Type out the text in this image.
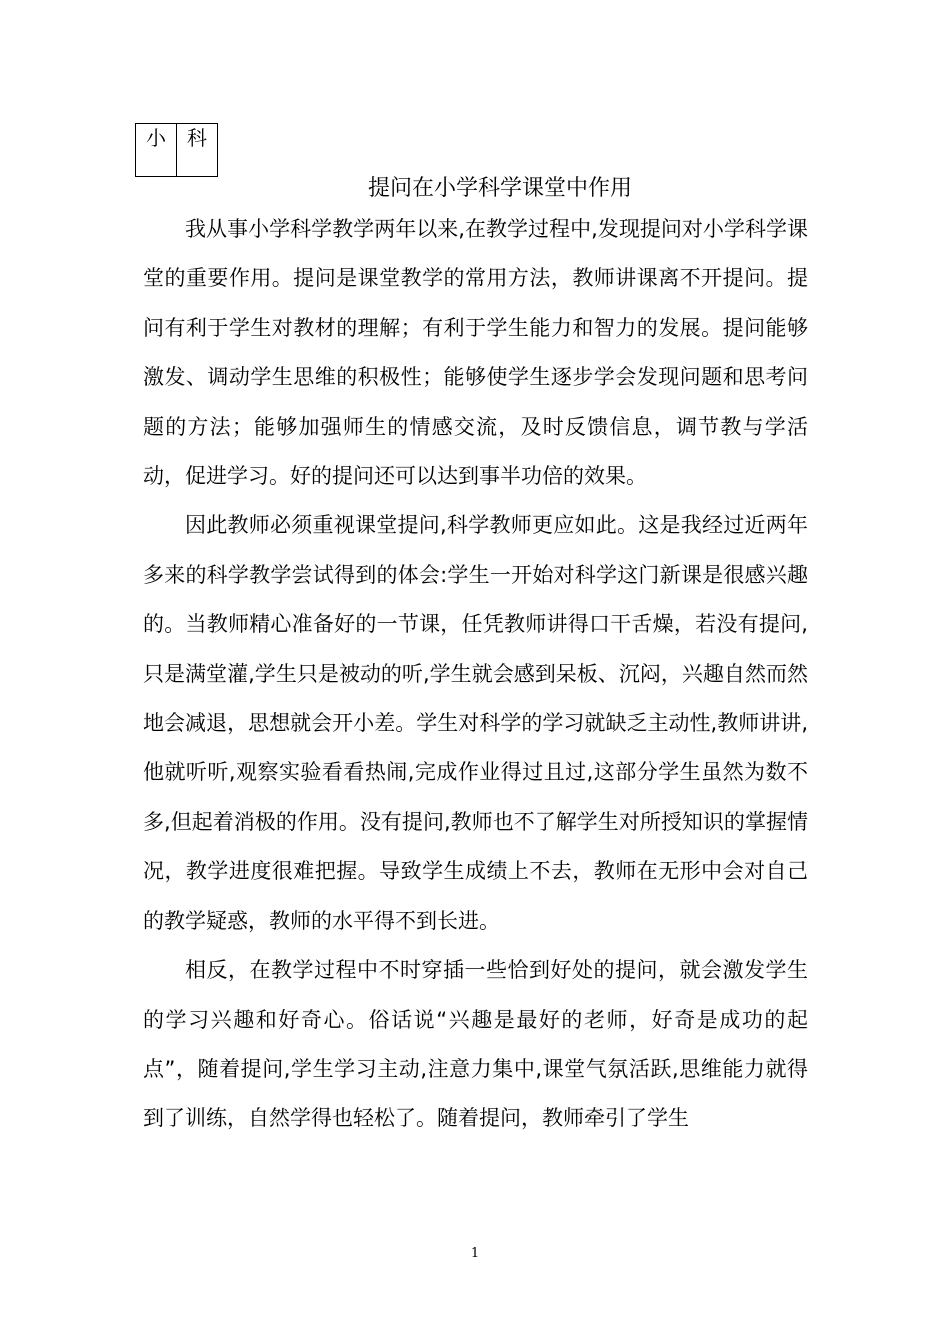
小	科
提问在小学科学课堂中作用

我从事小学科学教学两年以来,在教学过程中,发现提问对小学科学课堂的重要作用。提问是课堂教学的常用方法，教师讲课离不开提问。提问有利于学生对教材的理解；有利于学生能力和智力的发展。提问能够激发、调动学生思维的积极性；能够使学生逐步学会发现问题和思考问题的方法；能够加强师生的情感交流，及时反馈信息，调节教与学活动，促进学习。好的提问还可以达到事半功倍的效果。

因此教师必须重视课堂提问,科学教师更应如此。这是我经过近两年多来的科学教学尝试得到的体会:学生一开始对科学这门新课是很感兴趣的。当教师精心准备好的一节课，任凭教师讲得口干舌燥，若没有提问,只是满堂灌,学生只是被动的听,学生就会感到呆板、沉闷，兴趣自然而然地会减退，思想就会开小差。学生对科学的学习就缺乏主动性,教师讲讲,他就听听,观察实验看看热闹,完成作业得过且过,这部分学生虽然为数不多,但起着消极的作用。没有提问,教师也不了解学生对所授知识的掌握情况，教学进度很难把握。导致学生成绩上不去，教师在无形中会对自己的教学疑惑，教师的水平得不到长进。

相反，在教学过程中不时穿插一些恰到好处的提问，就会激发学生的学习兴趣和好奇心。俗话说“兴趣是最好的老师，好奇是成功的起点”，随着提问,学生学习主动,注意力集中,课堂气氛活跃,思维能力就得到了训练，自然学得也轻松了。随着提问，教师牵引了学生

1
